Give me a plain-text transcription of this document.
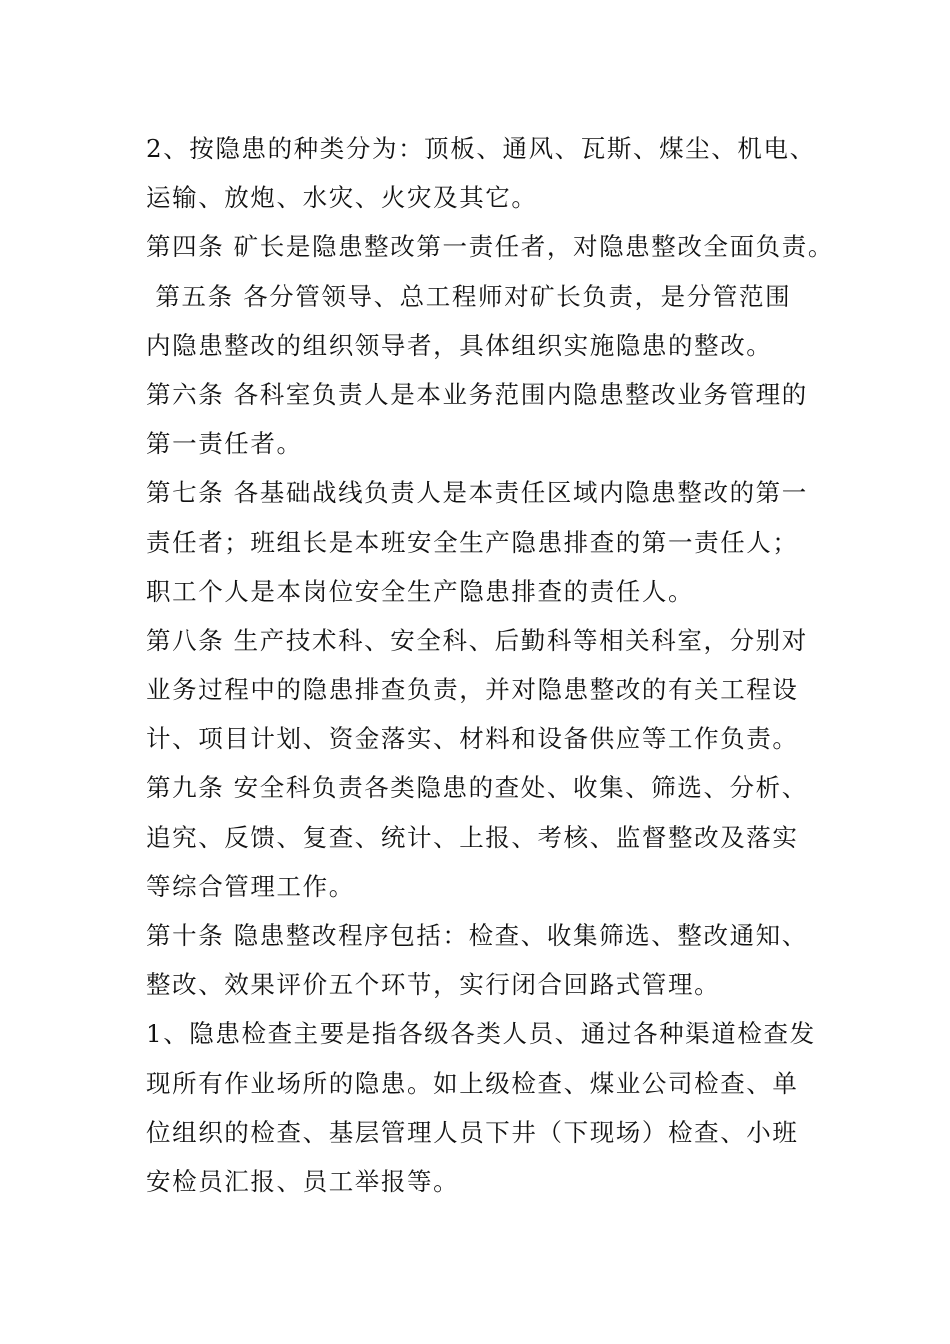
2、按隐患的种类分为：顶板、通风、瓦斯、煤尘、机电、
运输、放炮、水灾、火灾及其它。
第四条 矿长是隐患整改第一责任者，对隐患整改全面负责。
第五条 各分管领导、总工程师对矿长负责，是分管范围
内隐患整改的组织领导者，具体组织实施隐患的整改。
第六条 各科室负责人是本业务范围内隐患整改业务管理的
第一责任者。
第七条 各基础战线负责人是本责任区域内隐患整改的第一
责任者；班组长是本班安全生产隐患排查的第一责任人；
职工个人是本岗位安全生产隐患排查的责任人。
第八条 生产技术科、安全科、后勤科等相关科室，分别对
业务过程中的隐患排查负责，并对隐患整改的有关工程设
计、项目计划、资金落实、材料和设备供应等工作负责。
第九条 安全科负责各类隐患的查处、收集、筛选、分析、
追究、反馈、复查、统计、上报、考核、监督整改及落实
等综合管理工作。
第十条 隐患整改程序包括：检查、收集筛选、整改通知、
整改、效果评价五个环节，实行闭合回路式管理。
1、隐患检查主要是指各级各类人员、通过各种渠道检查发
现所有作业场所的隐患。如上级检查、煤业公司检查、单
位组织的检查、基层管理人员下井（下现场）检查、小班
安检员汇报、员工举报等。
